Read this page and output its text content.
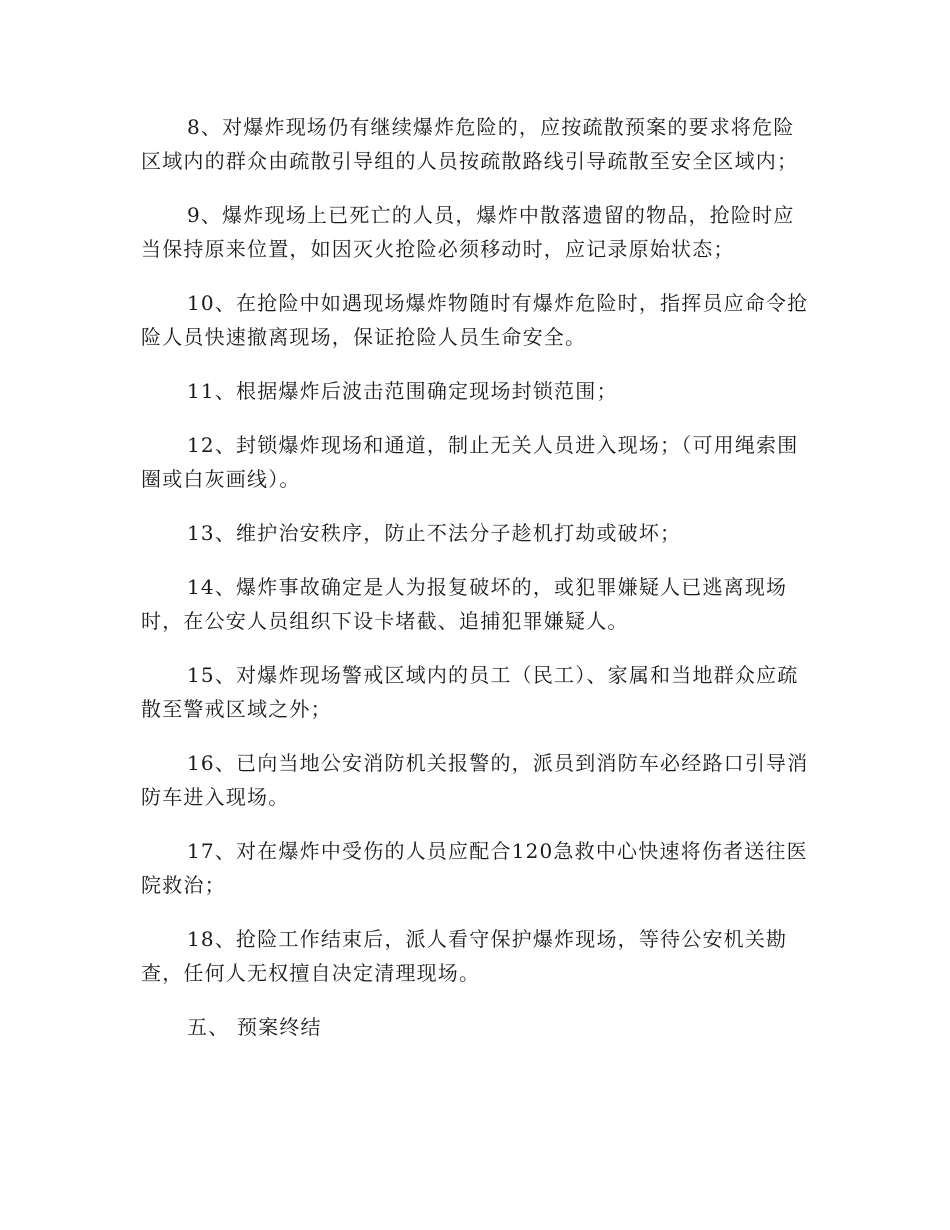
8、对爆炸现场仍有继续爆炸危险的，应按疏散预案的要求将危险区域内的群众由疏散引导组的人员按疏散路线引导疏散至安全区域内；

9、爆炸现场上已死亡的人员，爆炸中散落遗留的物品，抢险时应当保持原来位置，如因灭火抢险必须移动时，应记录原始状态；

10、在抢险中如遇现场爆炸物随时有爆炸危险时，指挥员应命令抢险人员快速撤离现场，保证抢险人员生命安全。

11、根据爆炸后波击范围确定现场封锁范围；

12、封锁爆炸现场和通道，制止无关人员进入现场；（可用绳索围圈或白灰画线）。

13、维护治安秩序，防止不法分子趁机打劫或破坏；

14、爆炸事故确定是人为报复破坏的，或犯罪嫌疑人已逃离现场时，在公安人员组织下设卡堵截、追捕犯罪嫌疑人。

15、对爆炸现场警戒区域内的员工（民工）、家属和当地群众应疏散至警戒区域之外；

16、已向当地公安消防机关报警的，派员到消防车必经路口引导消防车进入现场。

17、对在爆炸中受伤的人员应配合120急救中心快速将伤者送往医院救治；

18、抢险工作结束后，派人看守保护爆炸现场，等待公安机关勘查，任何人无权擅自决定清理现场。

五、 预案终结
